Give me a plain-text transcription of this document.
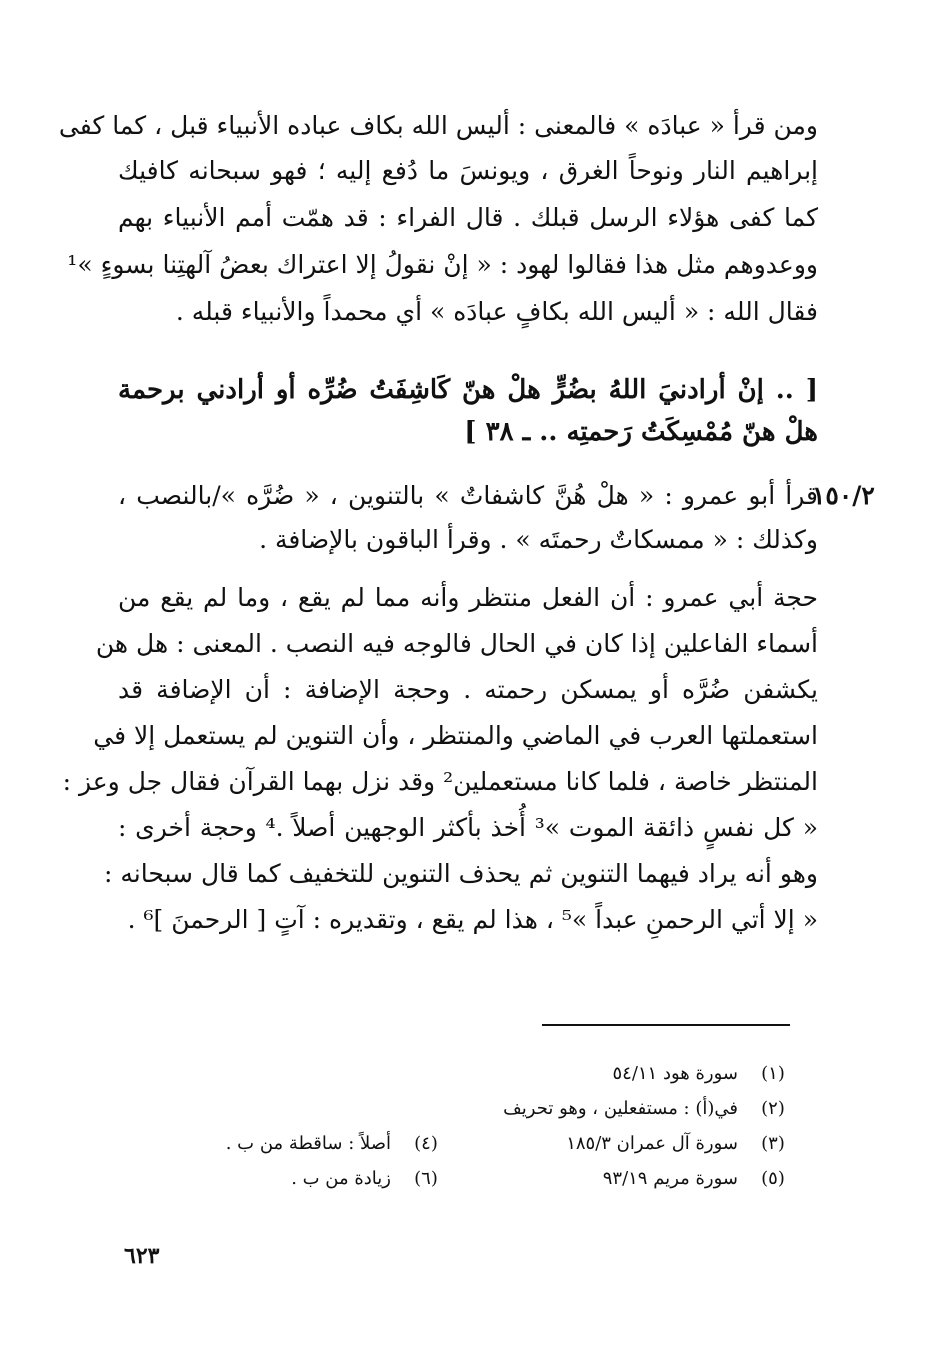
ومن قرأ « عبادَه » فالمعنى : أليس الله بكاف عباده الأنبياء قبل ، كما كفى
إبراهيم النار ونوحاً الغرق ، ويونسَ ما دُفع إليه ؛ فهو سبحانه كافيك
كما كفى هؤلاء الرسل قبلك . قال الفراء : قد همّت أمم الأنبياء بهم
ووعدوهم مثل هذا فقالوا لهود : « إنْ نقولُ إلا اعتراك بعضُ آلهتِنا بسوءٍ »¹
فقال الله : « أليس الله بكافٍ عبادَه » أي محمداً والأنبياء قبله .
[ .. إنْ أرادنيَ اللهُ بضُرٍّ هلْ هنّ كَاشِفَتُ ضُرِّه أو أرادني برحمة
هلْ هنّ مُمْسِكَتُ رَحمتِه .. ـ ٣٨ ]
١٥٠/٢
قرأ أبو عمرو : « هلْ هُنَّ كاشفاتٌ » بالتنوين ، « ضُرَّه »/بالنصب ،
وكذلك : « ممسكاتٌ رحمتَه » . وقرأ الباقون بالإضافة .
حجة أبي عمرو : أن الفعل منتظر وأنه مما لم يقع ، وما لم يقع من
أسماء الفاعلين إذا كان في الحال فالوجه فيه النصب . المعنى : هل هن
يكشفن ضُرَّه أو يمسكن رحمته . وحجة الإضافة : أن الإضافة قد
استعملتها العرب في الماضي والمنتظر ، وأن التنوين لم يستعمل إلا في
المنتظر خاصة ، فلما كانا مستعملين² وقد نزل بهما القرآن فقال جل وعز :
« كل نفسٍ ذائقة الموت »³ أُخذ بأكثر الوجهين أصلاً .⁴ وحجة أخرى :
وهو أنه يراد فيهما التنوين ثم يحذف التنوين للتخفيف كما قال سبحانه :
« إلا أتي الرحمنِ عبداً »⁵ ، هذا لم يقع ، وتقديره : آتٍ [ الرحمنَ ]⁶ .
(١)سورة هود ٥٤/١١
(٢)في(أ) : مستفعلين ، وهو تحريف
(٣)سورة آل عمران ١٨٥/٣
(٤)أصلاً : ساقطة من ب .
(٥)سورة مريم ٩٣/١٩
(٦)زيادة من ب .
٦٢٣
